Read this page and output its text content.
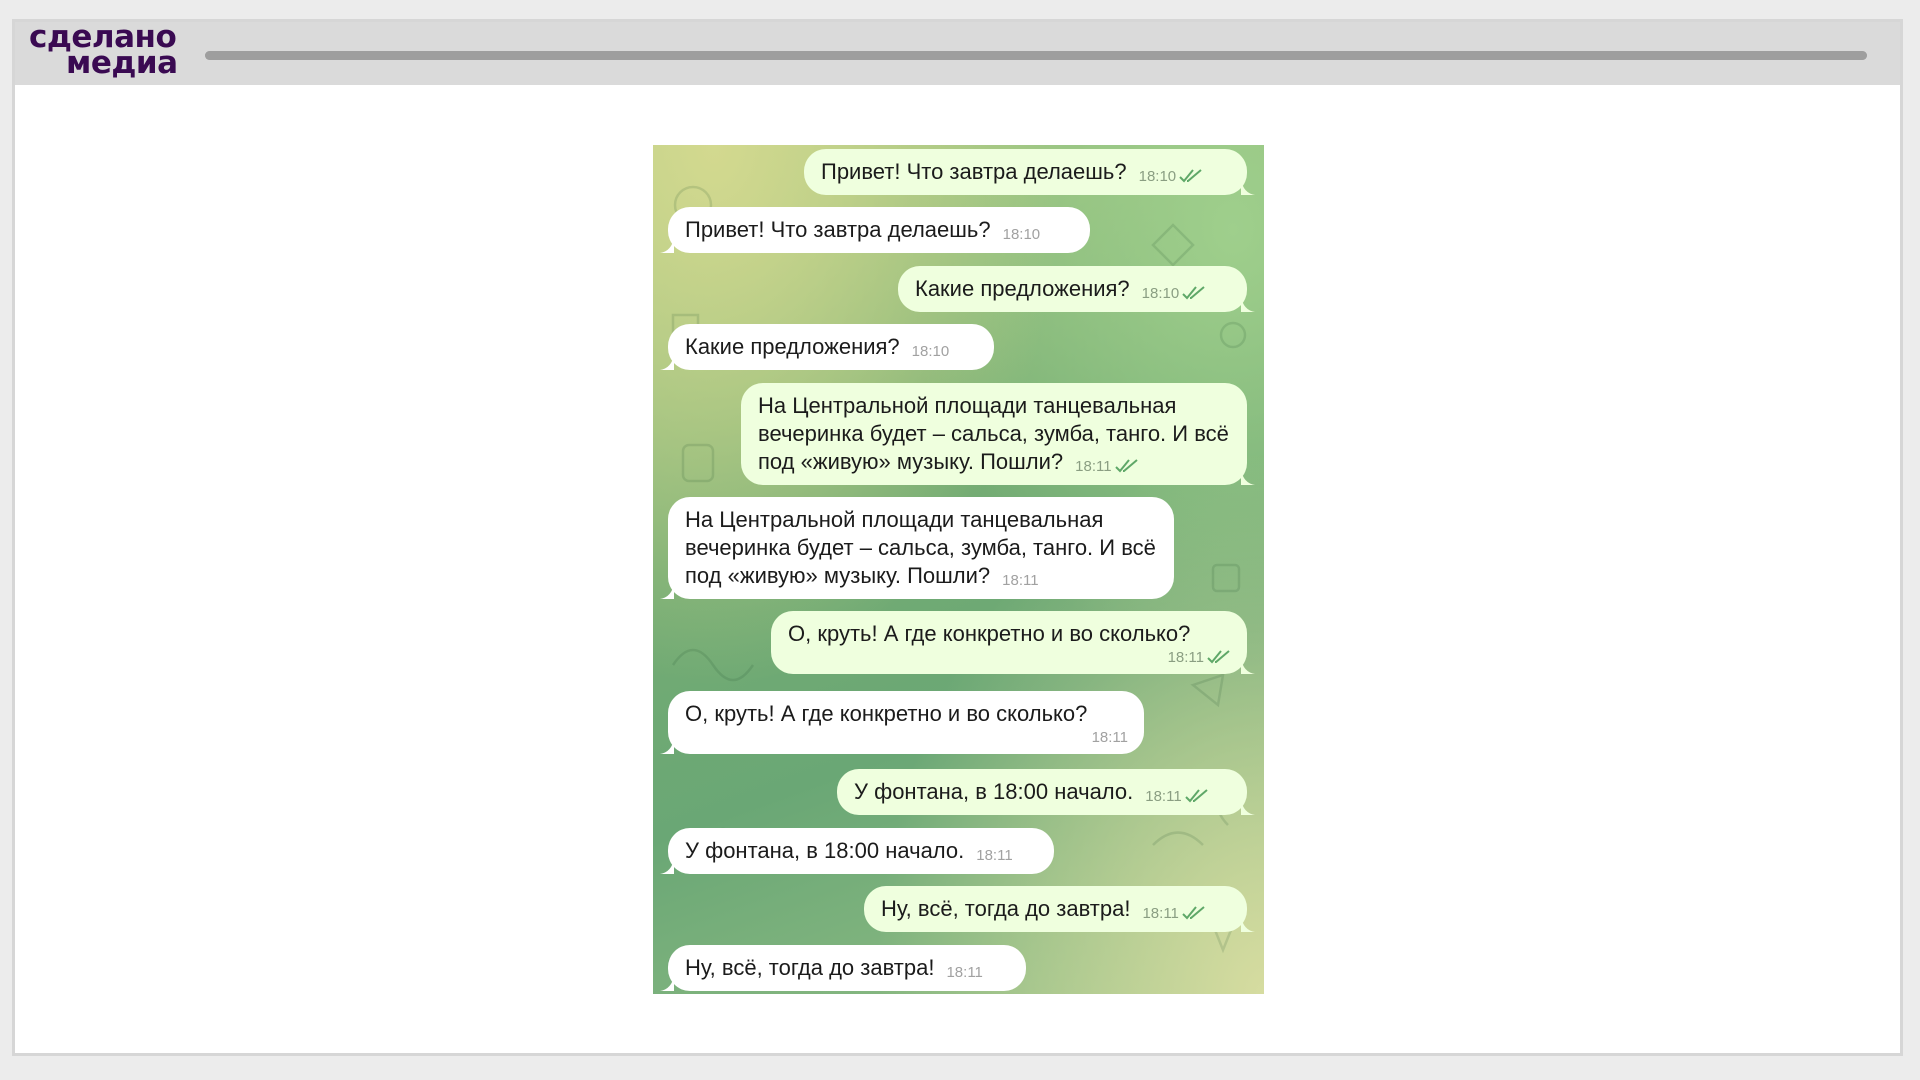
сделано
медиа
Привет! Что завтра делаешь? 18:10
Привет! Что завтра делаешь? 18:10
Какие предложения? 18:10
Какие предложения? 18:10
На Центральной площади танцевальная вечеринка будет – сальса, зумба, танго. И всё под «живую» музыку. Пошли? 18:11
На Центральной площади танцевальная вечеринка будет – сальса, зумба, танго. И всё под «живую» музыку. Пошли? 18:11
О, круть! А где конкретно и во сколько?
18:11
О, круть! А где конкретно и во сколько?
18:11
У фонтана, в 18:00 начало. 18:11
У фонтана, в 18:00 начало. 18:11
Ну, всё, тогда до завтра! 18:11
Ну, всё, тогда до завтра! 18:11
